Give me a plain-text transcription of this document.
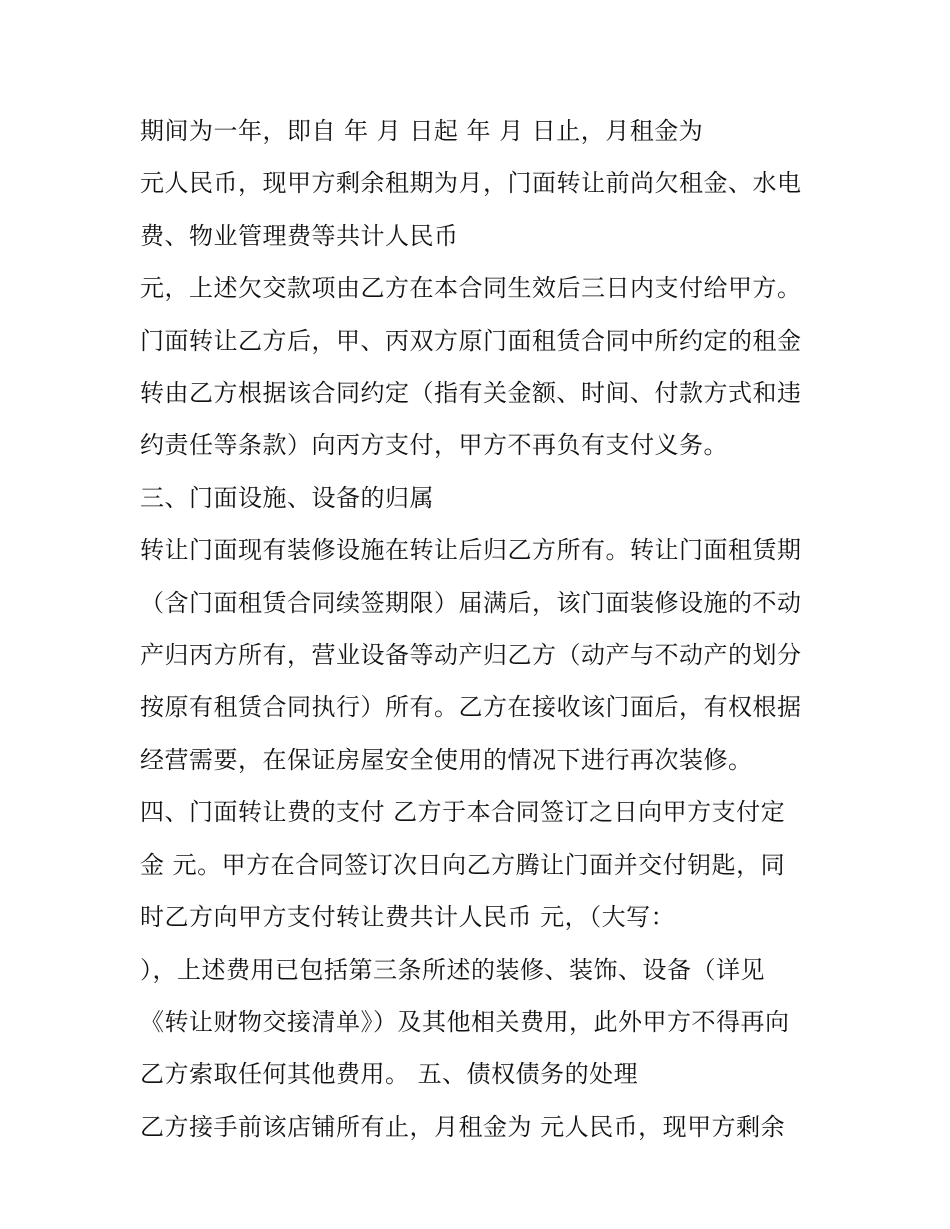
期间为一年，即自 年 月 日起 年 月 日止，月租金为
元人民币，现甲方剩余租期为月，门面转让前尚欠租金、水电
费、物业管理费等共计人民币
元，上述欠交款项由乙方在本合同生效后三日内支付给甲方。
门面转让乙方后，甲、丙双方原门面租赁合同中所约定的租金
转由乙方根据该合同约定（指有关金额、时间、付款方式和违
约责任等条款）向丙方支付，甲方不再负有支付义务。
三、门面设施、设备的归属
转让门面现有装修设施在转让后归乙方所有。转让门面租赁期
（含门面租赁合同续签期限）届满后，该门面装修设施的不动
产归丙方所有，营业设备等动产归乙方（动产与不动产的划分
按原有租赁合同执行）所有。乙方在接收该门面后，有权根据
经营需要，在保证房屋安全使用的情况下进行再次装修。
四、门面转让费的支付 乙方于本合同签订之日向甲方支付定
金 元。甲方在合同签订次日向乙方腾让门面并交付钥匙，同
时乙方向甲方支付转让费共计人民币 元，（大写：
），上述费用已包括第三条所述的装修、装饰、设备（详见
《转让财物交接清单》）及其他相关费用，此外甲方不得再向
乙方索取任何其他费用。 五、债权债务的处理
乙方接手前该店铺所有止，月租金为 元人民币，现甲方剩余
